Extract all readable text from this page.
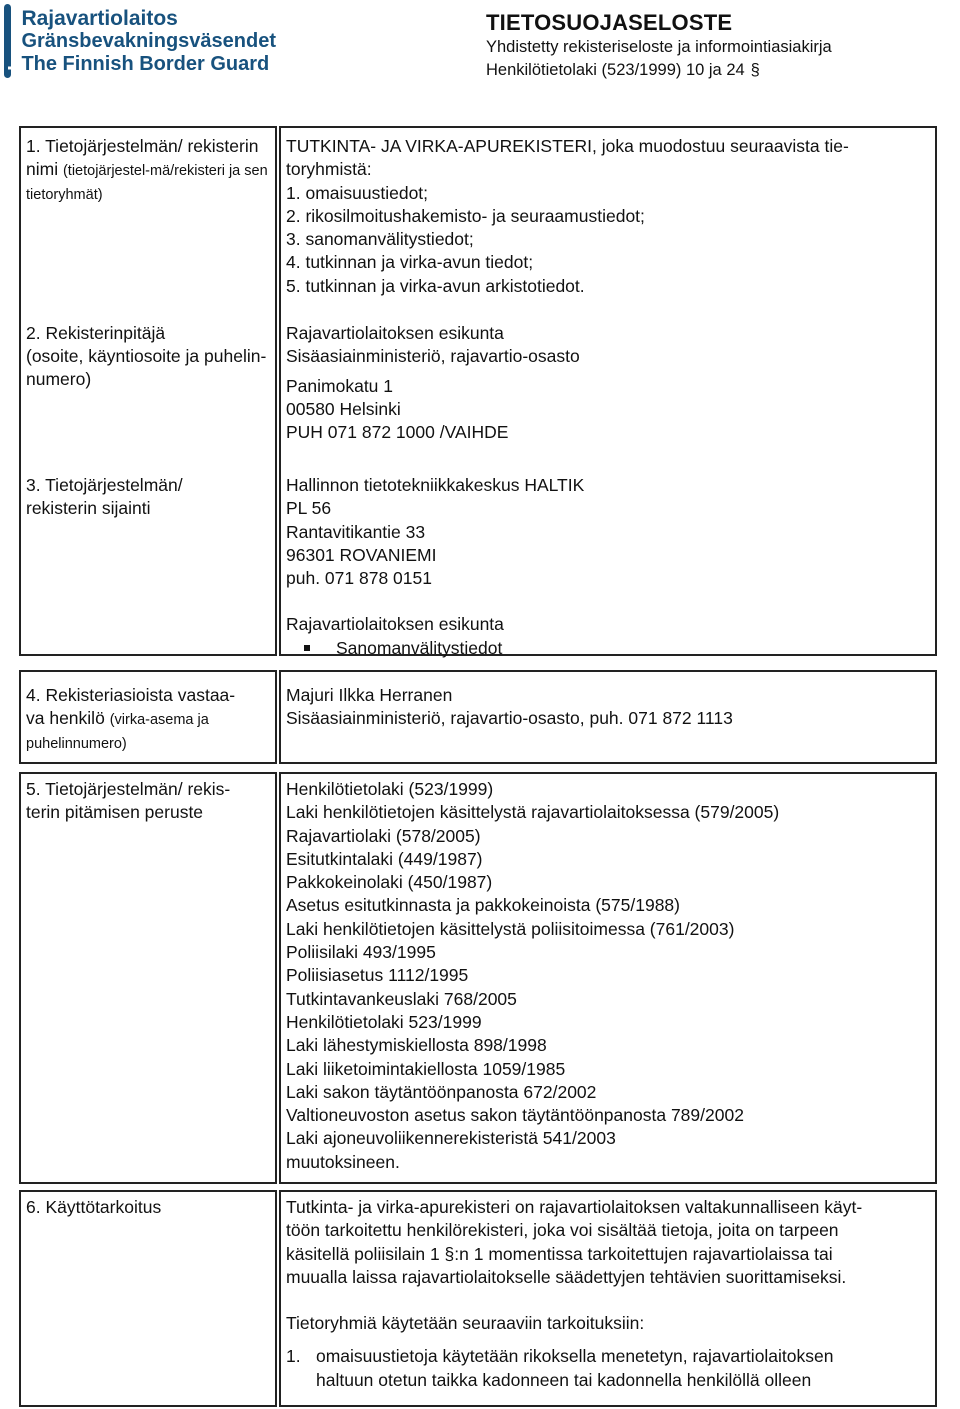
Rajavartiolaitos
Gränsbevakningsväsendet
The Finnish Border Guard
TIETOSUOJASELOSTE
Yhdistetty rekisteriseloste ja informointiasiakirja
Henkilötietolaki (523/1999) 10 ja 24 §
1. Tietojärjestelmän/ rekisterin nimi (tietojärjestel-mä/rekisteri ja sen tietoryhmät)
TUTKINTA- JA VIRKA-APUREKISTERI, joka muodostuu seuraavista tie-
toryhmistä:
1. omaisuustiedot;
2. rikosilmoitushakemisto- ja seuraamustiedot;
3. sanomanvälitystiedot;
4. tutkinnan ja virka-avun tiedot;
5. tutkinnan ja virka-avun arkistotiedot.
2. Rekisterinpitäjä
(osoite, käyntiosoite ja puhelin-numero)
Rajavartiolaitoksen esikunta
Sisäasiainministeriö, rajavartio-osasto
Panimokatu 1
00580 Helsinki
PUH 071 872 1000 /VAIHDE
3. Tietojärjestelmän/
rekisterin sijainti
Hallinnon tietotekniikkakeskus HALTIK
PL 56
Rantavitikantie 33
96301 ROVANIEMI
puh. 071 878 0151
Rajavartiolaitoksen esikunta
Sanomanvälitystiedot
4. Rekisteriasioista vastaa-
va henkilö (virka-asema ja puhelinnumero)
Majuri Ilkka Herranen
Sisäasiainministeriö, rajavartio-osasto, puh. 071 872 1113
5. Tietojärjestelmän/ rekis-
terin pitämisen peruste
Henkilötietolaki (523/1999)
Laki henkilötietojen käsittelystä rajavartiolaitoksessa (579/2005)
Rajavartiolaki (578/2005)
Esitutkintalaki (449/1987)
Pakkokeinolaki (450/1987)
Asetus esitutkinnasta ja pakkokeinoista (575/1988)
Laki henkilötietojen käsittelystä poliisitoimessa (761/2003)
Poliisilaki 493/1995
Poliisiasetus 1112/1995
Tutkintavankeuslaki 768/2005
Henkilötietolaki 523/1999
Laki lähestymiskiellosta 898/1998
Laki liiketoimintakiellosta 1059/1985
Laki sakon täytäntöönpanosta 672/2002
Valtioneuvoston asetus sakon täytäntöönpanosta 789/2002
Laki ajoneuvoliikennerekisteristä 541/2003
muutoksineen.
6. Käyttötarkoitus	Tutkinta- ja virka-apurekisteri on rajavartiolaitoksen valtakunnalliseen käyt-
töön tarkoitettu henkilörekisteri, joka voi sisältää tietoja, joita on tarpeen
käsitellä poliisilain 1 §:n 1 momentissa tarkoitettujen rajavartiolaissa tai
muualla laissa rajavartiolaitokselle säädettyjen tehtävien suorittamiseksi.
Tietoryhmiä käytetään seuraaviin tarkoituksiin:
1. omaisuustietoja käytetään rikoksella menetetyn, rajavartiolaitoksen
haltuun otetun taikka kadonneen tai kadonnella henkilöllä olleen
